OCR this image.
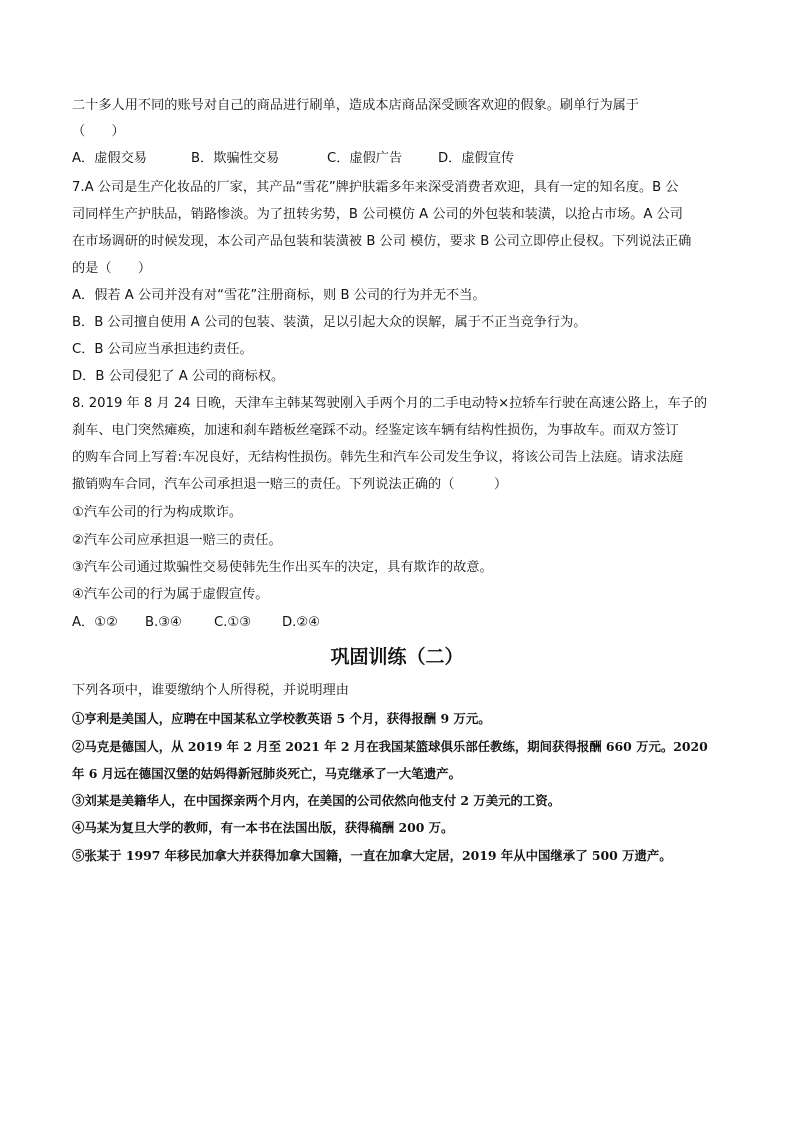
二十多人用不同的账号对自己的商品进行刷单，造成本店商品深受顾客欢迎的假象。刷单行为属于
（　　）
A．虚假交易	B．欺骗性交易	C．虚假广告	D．虚假宣传
7.A 公司是生产化妆品的厂家，其产品“雪花”牌护肤霜多年来深受消费者欢迎，具有一定的知名度。B 公
司同样生产护肤品，销路惨淡。为了扭转劣势，B 公司模仿 A 公司的外包装和装潢，以抢占市场。A 公司
在市场调研的时候发现，本公司产品包装和装潢被 B 公司 模仿，要求 B 公司立即停止侵权。下列说法正确
的是（　　）
A．假若 A 公司并没有对“雪花”注册商标，则 B 公司的行为并无不当。
B．B 公司擅自使用 A 公司的包装、装潢，足以引起大众的误解，属于不正当竞争行为。
C．B 公司应当承担违约责任。
D．B 公司侵犯了 A 公司的商标权。
8. 2019 年 8 月 24 日晚，天津车主韩某驾驶刚入手两个月的二手电动特×拉轿车行驶在高速公路上，车子的
刹车、电门突然瘫痪，加速和刹车踏板丝毫踩不动。经鉴定该车辆有结构性损伤，为事故车。而双方签订
的购车合同上写着:车况良好，无结构性损伤。韩先生和汽车公司发生争议，将该公司告上法庭。请求法庭
撤销购车合同，汽车公司承担退一赔三的责任。下列说法正确的（　　　）
①汽车公司的行为构成欺诈。
②汽车公司应承担退一赔三的责任。
③汽车公司通过欺骗性交易使韩先生作出买车的决定，具有欺诈的故意。
④汽车公司的行为属于虚假宣传。
A．①② B.③④ C.①③ D.②④
巩固训练（二）
下列各项中，谁要缴纳个人所得税，并说明理由
①亨利是美国人，应聘在中国某私立学校教英语 5 个月，获得报酬 9 万元。
②马克是德国人，从 2019 年 2 月至 2021 年 2 月在我国某篮球俱乐部任教练，期间获得报酬 660 万元。2020
年 6 月远在德国汉堡的姑妈得新冠肺炎死亡，马克继承了一大笔遗产。
③刘某是美籍华人，在中国探亲两个月内，在美国的公司依然向他支付 2 万美元的工资。
④马某为复旦大学的教师，有一本书在法国出版，获得稿酬 200 万。
⑤张某于 1997 年移民加拿大并获得加拿大国籍，一直在加拿大定居，2019 年从中国继承了 500 万遗产。
